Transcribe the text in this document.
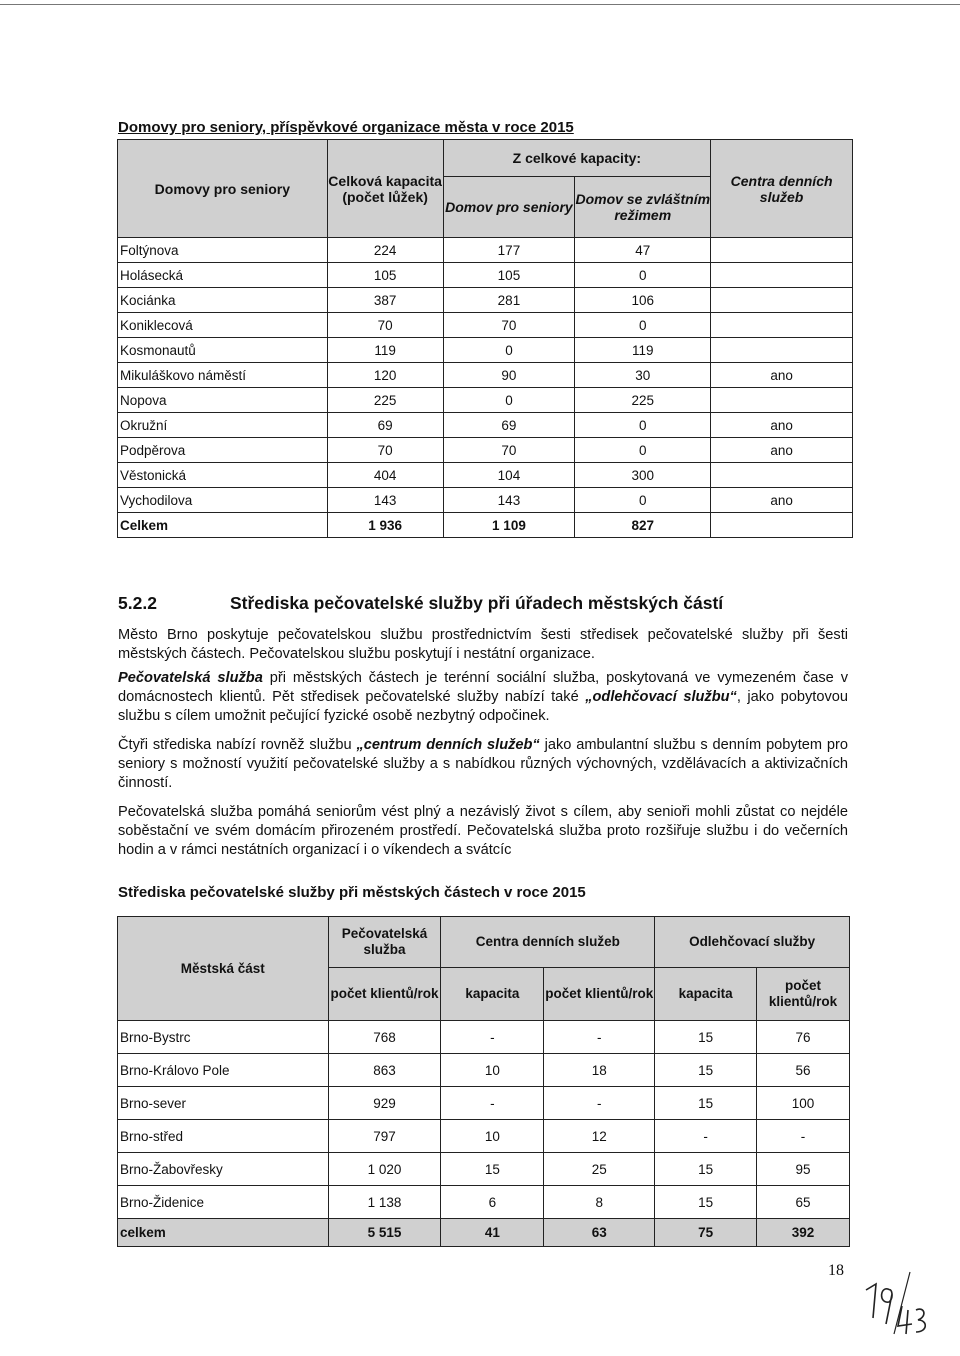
Domovy pro seniory, příspěvkové organizace města v roce 2015
Domovy pro seniory	Celková kapacita (počet lůžek)	Z celkové kapacity:		Centra denních služeb
		Domov pro seniory	Domov se zvláštním režimem	
Foltýnova	224	177	47	
Holásecká	105	105	0	
Kociánka	387	281	106	
Koniklecová	70	70	0	
Kosmonautů	119	0	119	
Mikuláškovo náměstí	120	90	30	ano
Nopova	225	0	225	
Okružní	69	69	0	ano
Podpěrova	70	70	0	ano
Věstonická	404	104	300	
Vychodilova	143	143	0	ano
Celkem	1 936	1 109	827	
5.2.2	Střediska pečovatelské služby při úřadech městských částí
Město Brno poskytuje pečovatelskou službu prostřednictvím šesti středisek pečovatelské služby při šesti městských částech. Pečovatelskou službu poskytují i nestátní organizace.
Pečovatelská služba při městských částech je terénní sociální služba, poskytovaná ve vymezeném čase v domácnostech klientů. Pět středisek pečovatelské služby nabízí také „odlehčovací službu“, jako pobytovou službu s cílem umožnit pečující fyzické osobě nezbytný odpočinek.
Čtyři střediska nabízí rovněž službu „centrum denních služeb“ jako ambulantní službu s denním pobytem pro seniory s možností využití pečovatelské služby a s nabídkou různých výchovných, vzdělávacích a aktivizačních činností.
Pečovatelská služba pomáhá seniorům vést plný a nezávislý život s cílem, aby senioři mohli zůstat co nejdéle soběstační ve svém domácím přirozeném prostředí. Pečovatelská služba proto rozšiřuje službu i do večerních hodin a v rámci nestátních organizací i o víkendech a svátcíc
Střediska pečovatelské služby při městských částech v roce 2015
Městská část	Pečovatelská služba	Centra denních služeb		Odlehčovací služby	
	počet klientů/rok	kapacita	počet klientů/rok	kapacita	počet klientů/rok
Brno-Bystrc	768	-	-	15	76
Brno-Královo Pole	863	10	18	15	56
Brno-sever	929	-	-	15	100
Brno-střed	797	10	12	-	-
Brno-Žabovřesky	1 020	15	25	15	95
Brno-Židenice	1 138	6	8	15	65
celkem	5 515	41	63	75	392
18
